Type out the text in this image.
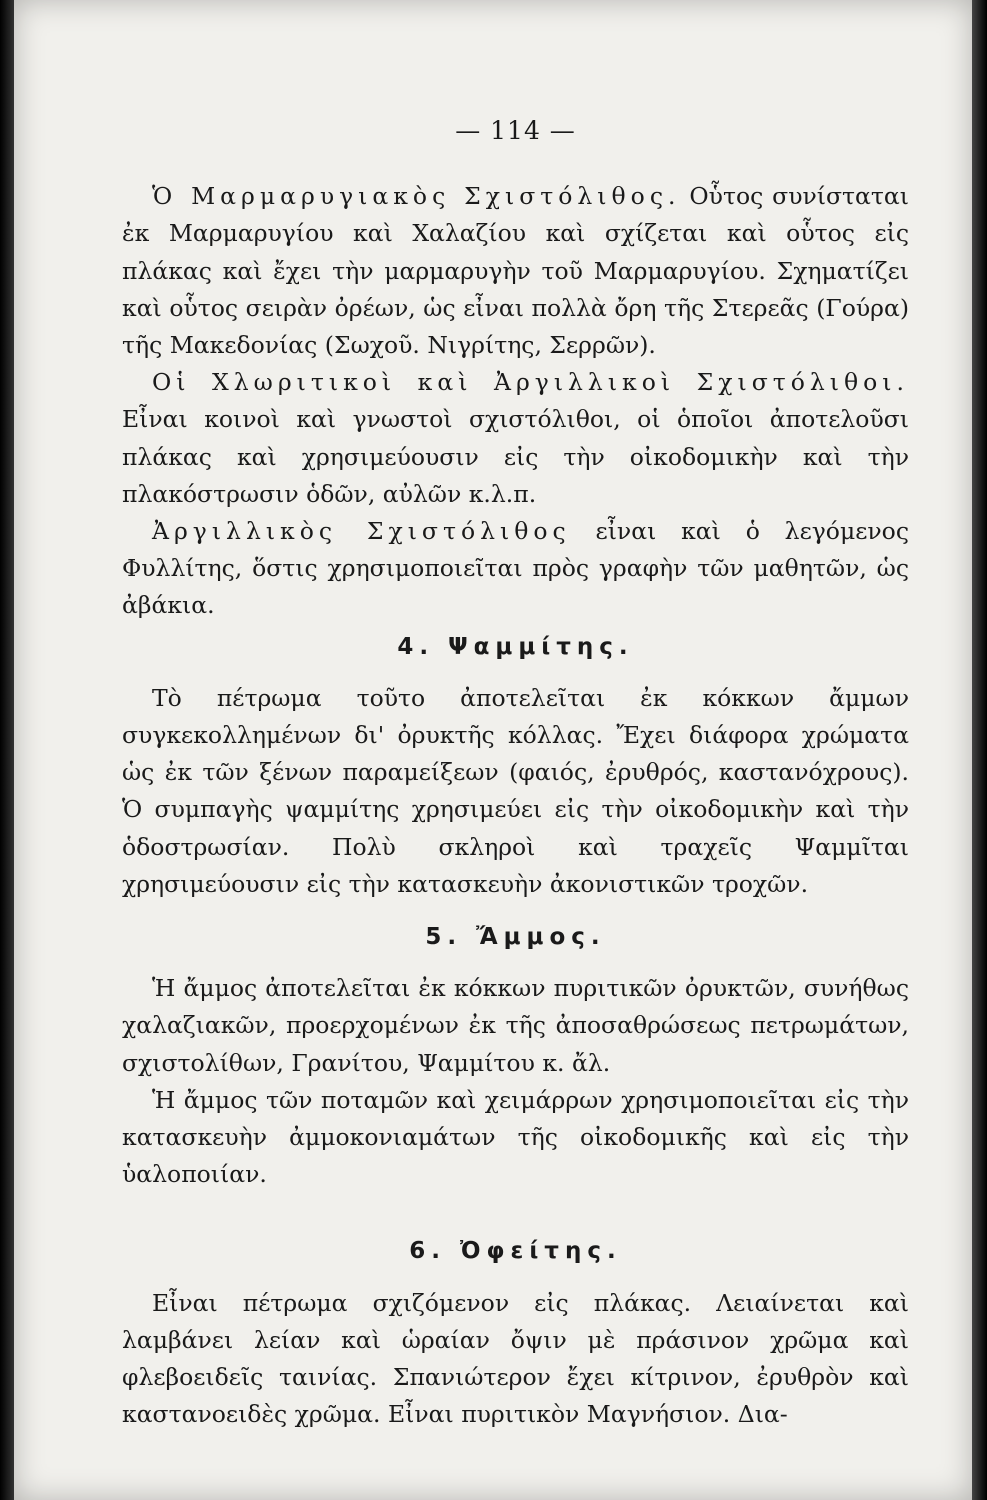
— 114 —

Ὁ Μαρμαρυγιακὸς Σχιστόλιθος. Οὗτος συνίσταται ἐκ Μαρμαρυγίου καὶ Χαλαζίου καὶ σχίζεται καὶ οὗτος εἰς πλάκας καὶ ἔχει τὴν μαρμαρυγὴν τοῦ Μαρμαρυγίου. Σχηματίζει καὶ οὗτος σειρὰν ὀρέων, ὡς εἶναι πολλὰ ὄρη τῆς Στερεᾶς (Γούρα) τῆς Μακεδονίας (Σωχοῦ. Νιγρίτης, Σερρῶν).

Οἱ Χλωριτικοὶ καὶ Ἀργιλλικοὶ Σχιστόλιθοι. Εἶναι κοινοὶ καὶ γνωστοὶ σχιστόλιθοι, οἱ ὁποῖοι ἀποτελοῦσι πλάκας καὶ χρησιμεύουσιν εἰς τὴν οἰκοδομικὴν καὶ τὴν πλακόστρωσιν ὁδῶν, αὐλῶν κ.λ.π.

Ἀργιλλικὸς Σχιστόλιθος εἶναι καὶ ὁ λεγόμενος Φυλλίτης, ὅστις χρησιμοποιεῖται πρὸς γραφὴν τῶν μαθητῶν, ὡς ἀβάκια.

4. Ψαμμίτης.

Τὸ πέτρωμα τοῦτο ἀποτελεῖται ἐκ κόκκων ἄμμων συγκεκολλημένων δι' ὀρυκτῆς κόλλας. Ἔχει διάφορα χρώματα ὡς ἐκ τῶν ξένων παραμείξεων (φαιός, ἐρυθρός, καστανόχρους). Ὁ συμπαγὴς ψαμμίτης χρησιμεύει εἰς τὴν οἰκοδομικὴν καὶ τὴν ὁδοστρωσίαν. Πολὺ σκληροὶ καὶ τραχεῖς Ψαμμῖται χρησιμεύουσιν εἰς τὴν κατασκευὴν ἀκονιστικῶν τροχῶν.

5. Ἄμμος.

Ἡ ἄμμος ἀποτελεῖται ἐκ κόκκων πυριτικῶν ὀρυκτῶν, συνήθως χαλαζιακῶν, προερχομένων ἐκ τῆς ἀποσαθρώσεως πετρωμάτων, σχιστολίθων, Γρανίτου, Ψαμμίτου κ. ἄλ.

Ἡ ἄμμος τῶν ποταμῶν καὶ χειμάρρων χρησιμοποιεῖται εἰς τὴν κατασκευὴν ἀμμοκονιαμάτων τῆς οἰκοδομικῆς καὶ εἰς τὴν ὑαλοποιίαν.

6. Ὀφείτης.

Εἶναι πέτρωμα σχιζόμενον εἰς πλάκας. Λειαίνεται καὶ λαμβάνει λείαν καὶ ὡραίαν ὄψιν μὲ πράσινον χρῶμα καὶ φλεβοειδεῖς ταινίας. Σπανιώτερον ἔχει κίτρινον, ἐρυθρὸν καὶ καστανοειδὲς χρῶμα. Εἶναι πυριτικὸν Μαγνήσιον. Δια-
